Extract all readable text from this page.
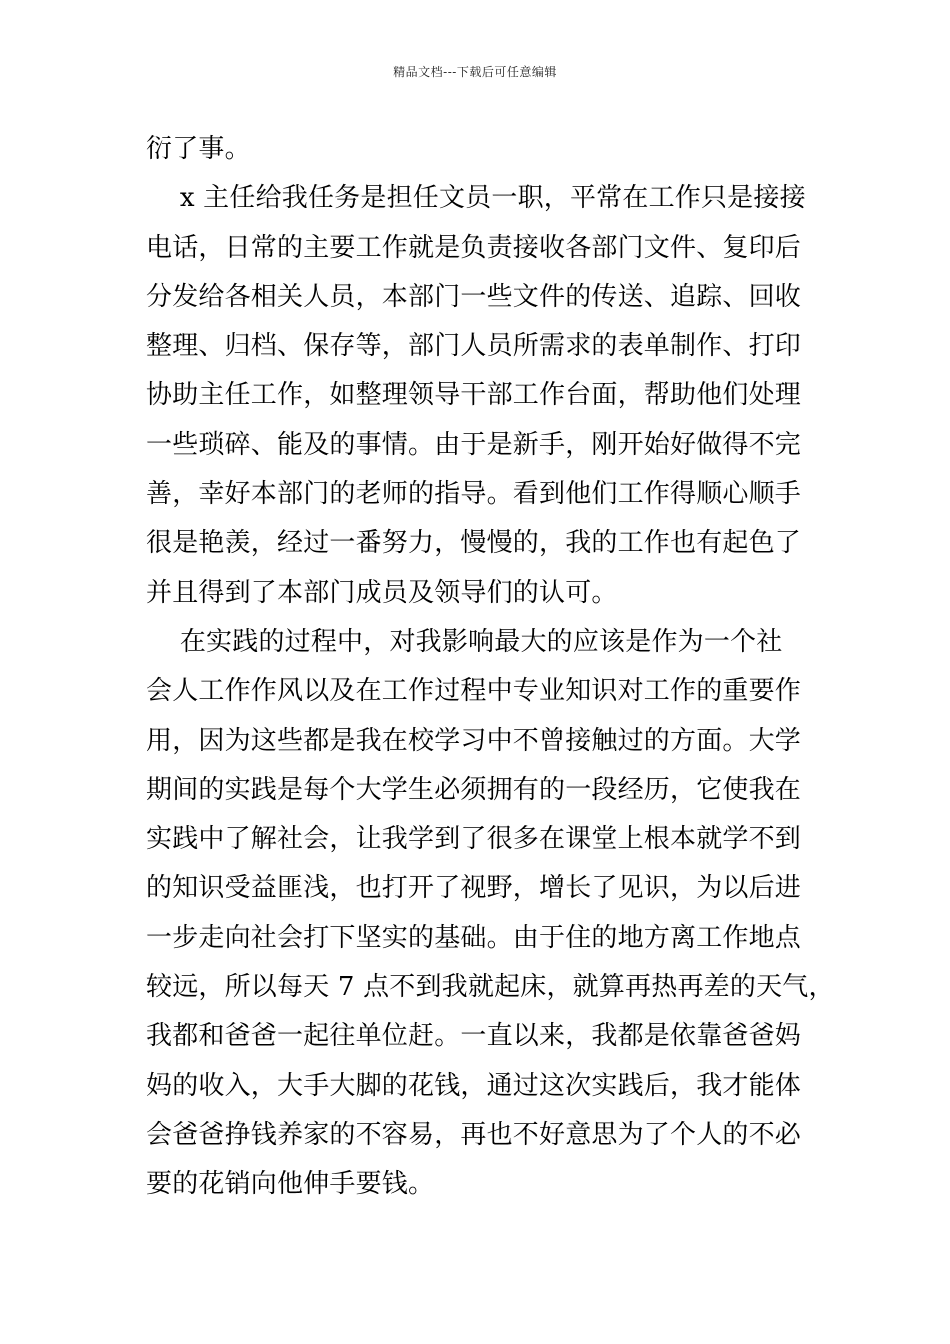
精品文档---下载后可任意编辑
衍了事。
x 主任给我任务是担任文员一职，平常在工作只是接接
电话，日常的主要工作就是负责接收各部门文件、复印后
分发给各相关人员，本部门一些文件的传送、追踪、回收
整理、归档、保存等，部门人员所需求的表单制作、打印
协助主任工作，如整理领导干部工作台面，帮助他们处理
一些琐碎、能及的事情。由于是新手，刚开始好做得不完
善，幸好本部门的老师的指导。看到他们工作得顺心顺手
很是艳羡，经过一番努力，慢慢的，我的工作也有起色了
并且得到了本部门成员及领导们的认可。
在实践的过程中，对我影响最大的应该是作为一个社
会人工作作风以及在工作过程中专业知识对工作的重要作
用，因为这些都是我在校学习中不曾接触过的方面。大学
期间的实践是每个大学生必须拥有的一段经历，它使我在
实践中了解社会，让我学到了很多在课堂上根本就学不到
的知识受益匪浅，也打开了视野，增长了见识，为以后进
一步走向社会打下坚实的基础。由于住的地方离工作地点
较远，所以每天 7 点不到我就起床，就算再热再差的天气，
我都和爸爸一起往单位赶。一直以来，我都是依靠爸爸妈
妈的收入，大手大脚的花钱，通过这次实践后，我才能体
会爸爸挣钱养家的不容易，再也不好意思为了个人的不必
要的花销向他伸手要钱。
